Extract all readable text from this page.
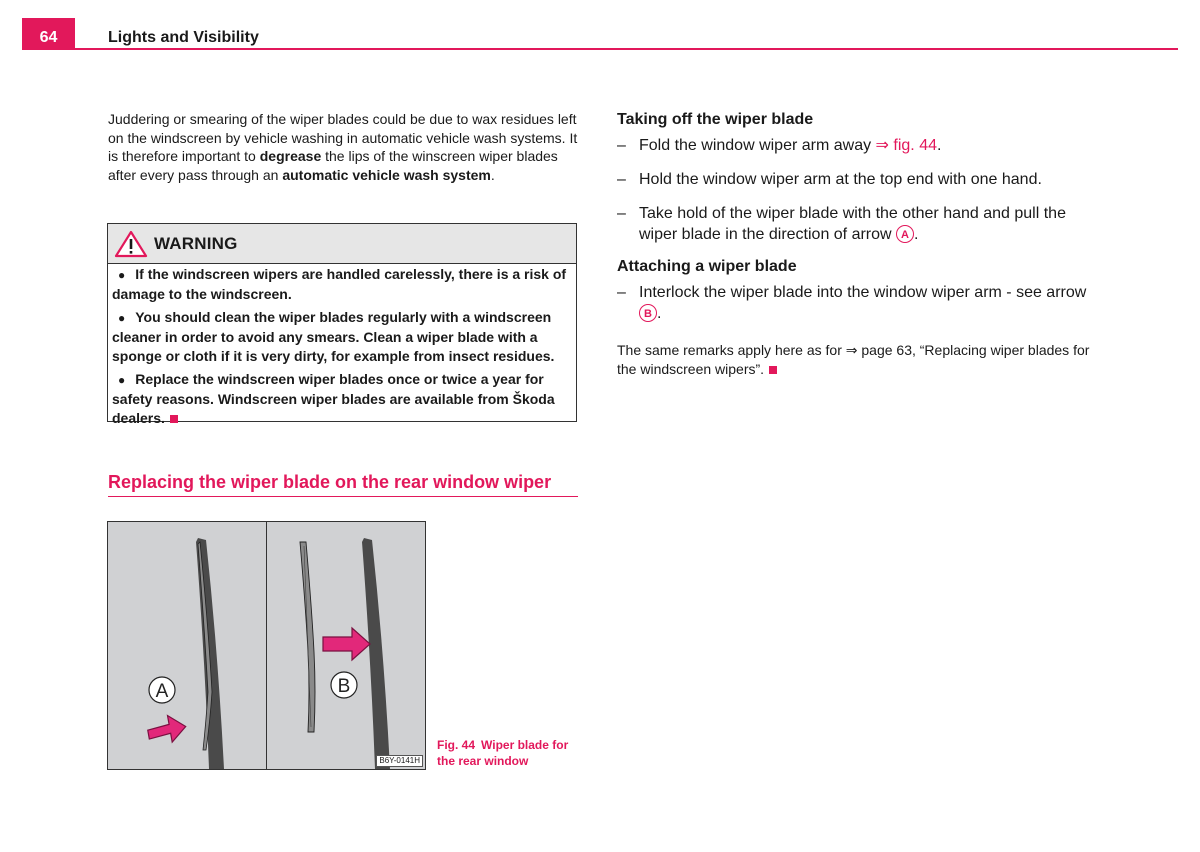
64	Lights and Visibility
Juddering or smearing of the wiper blades could be due to wax residues left on the windscreen by vehicle washing in automatic vehicle wash systems. It is therefore important to degrease the lips of the winscreen wiper blades after every pass through an automatic vehicle wash system.
WARNING
● If the windscreen wipers are handled carelessly, there is a risk of damage to the windscreen.
● You should clean the wiper blades regularly with a windscreen cleaner in order to avoid any smears. Clean a wiper blade with a sponge or cloth if it is very dirty, for example from insect residues.
● Replace the windscreen wiper blades once or twice a year for safety reasons. Windscreen wiper blades are available from Škoda dealers.
Replacing the wiper blade on the rear window wiper
A	B
B6Y-0141H
Fig. 44 Wiper blade for the rear window
Taking off the wiper blade
– Fold the window wiper arm away ⇒ fig. 44.
– Hold the window wiper arm at the top end with one hand.
– Take hold of the wiper blade with the other hand and pull the wiper blade in the direction of arrow A .
Attaching a wiper blade
– Interlock the wiper blade into the window wiper arm - see arrow B .
The same remarks apply here as for ⇒ page 63, “Replacing wiper blades for the windscreen wipers”.
